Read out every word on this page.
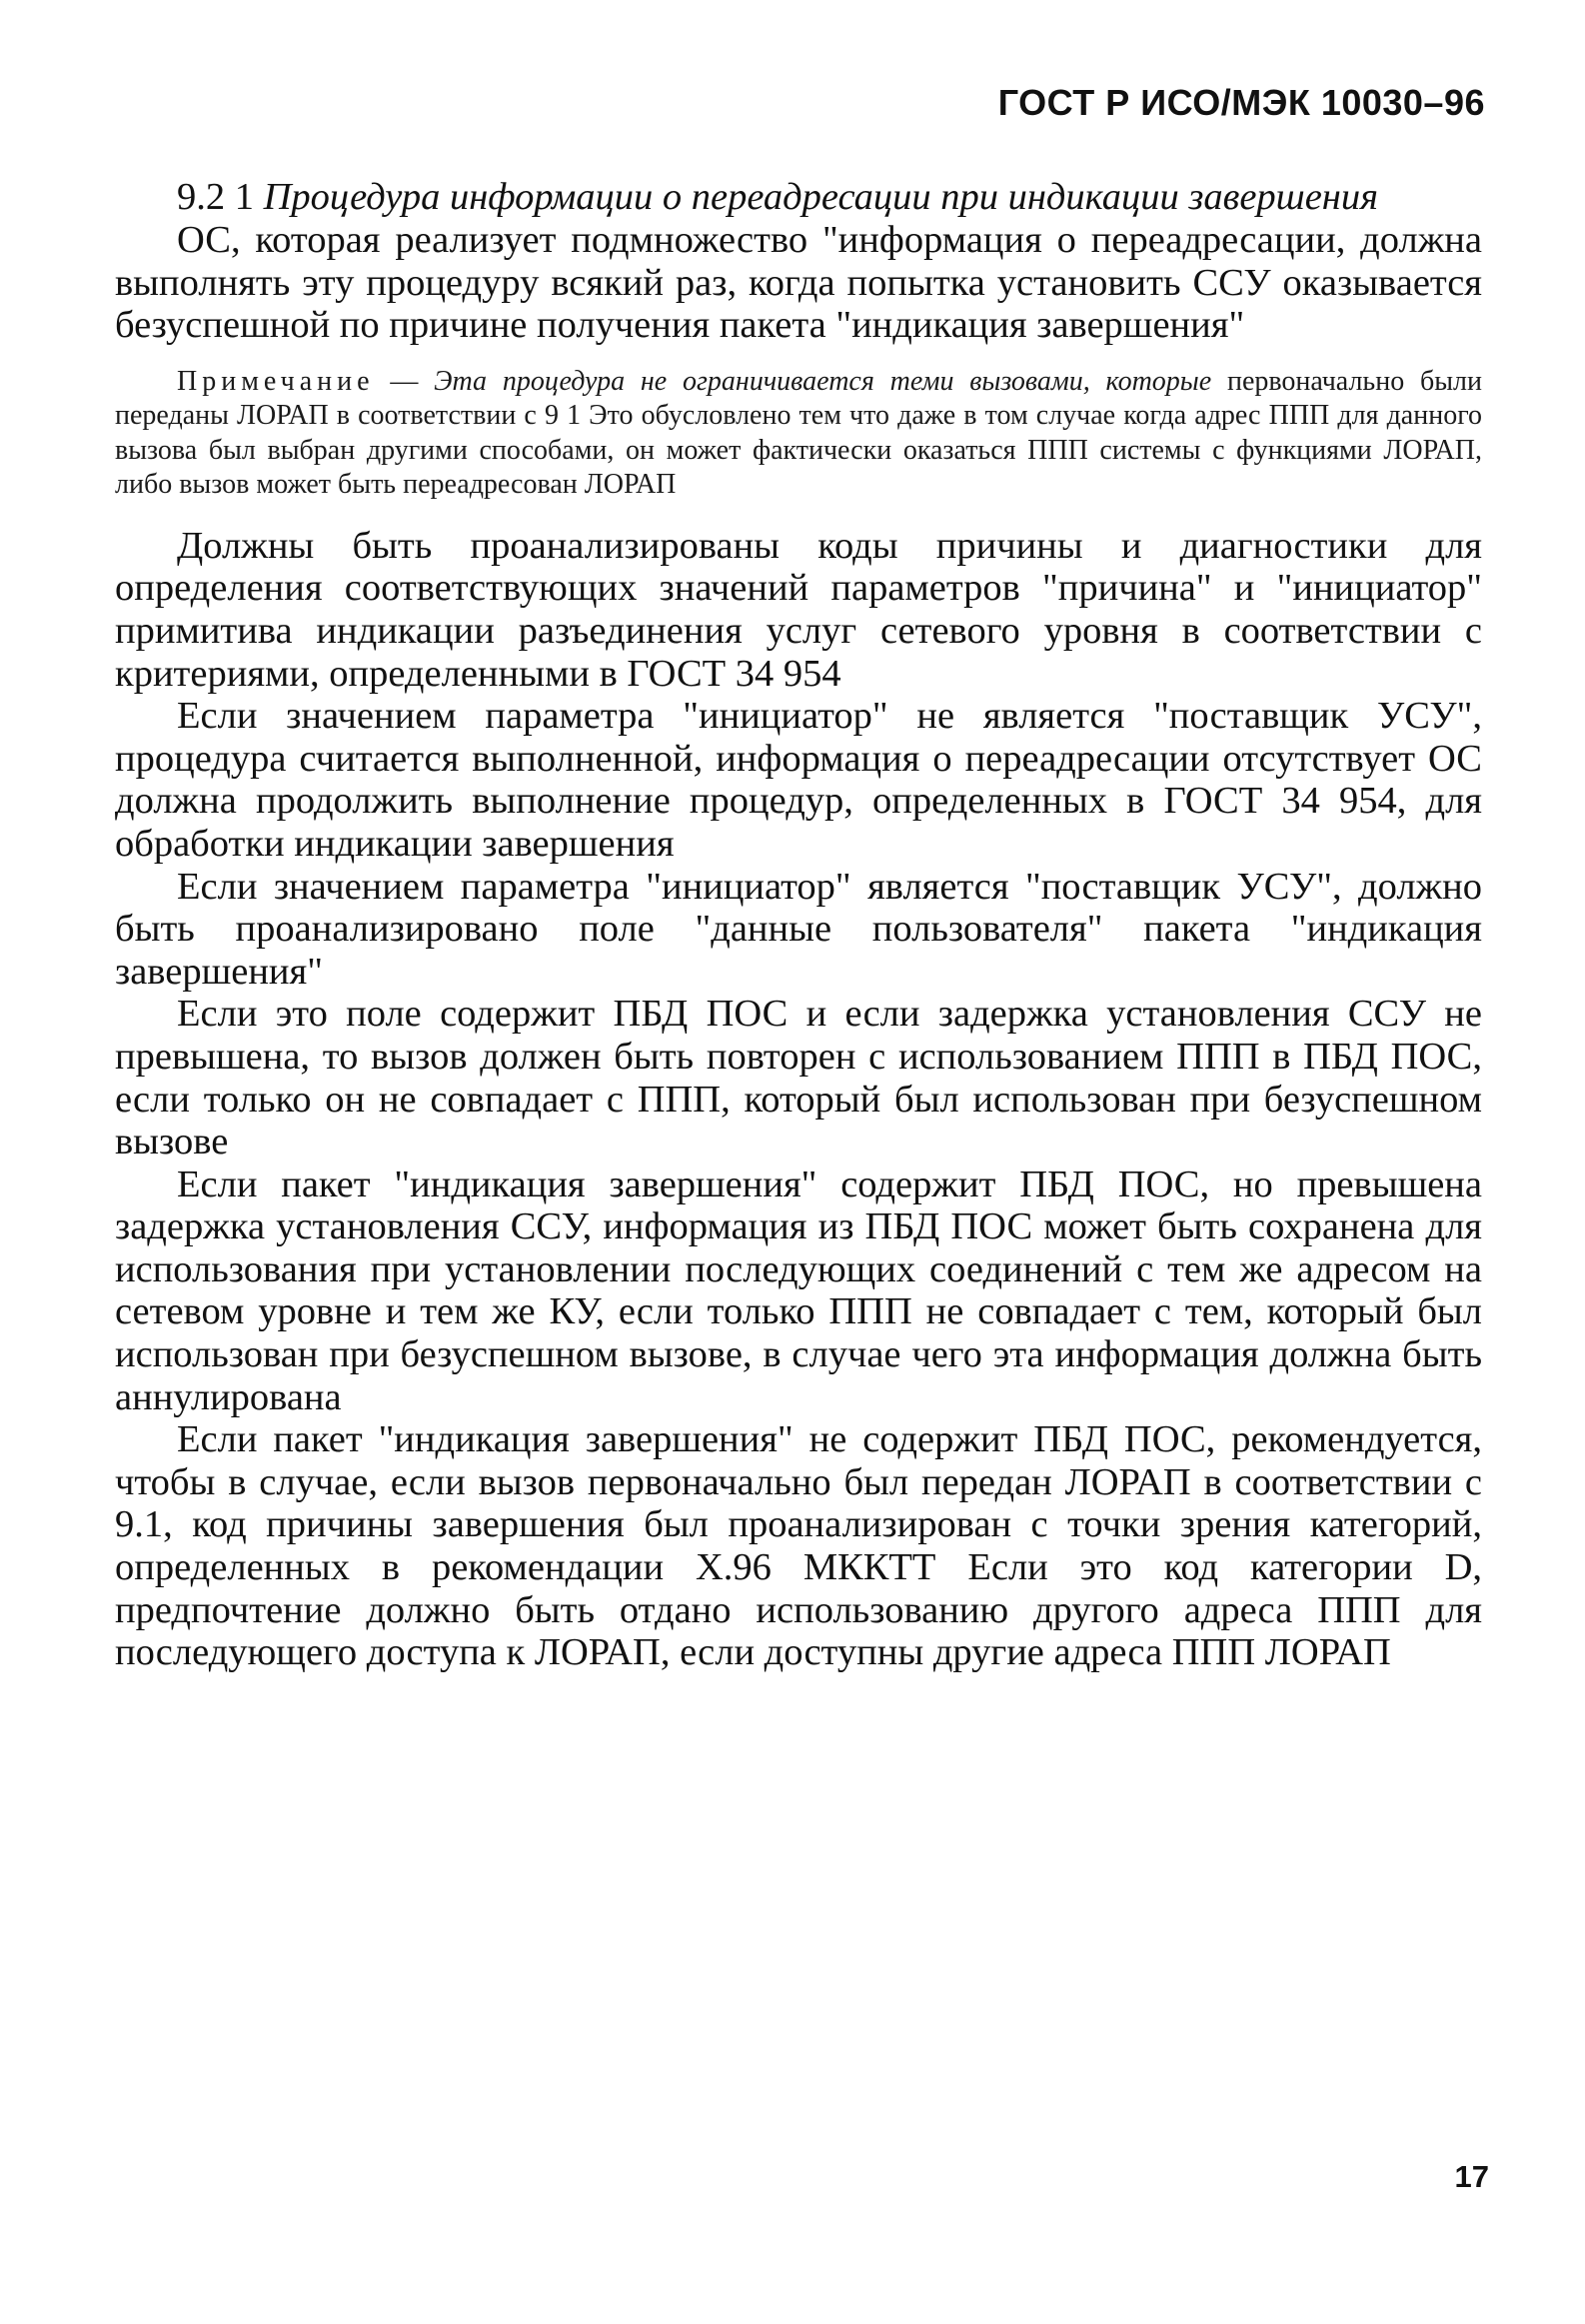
ГОСТ Р ИСО/МЭК 10030–96

9.2 1 Процедура информации о переадресации при индикации завершения

ОС, которая реализует подмножество "информация о переадресации, должна выполнять эту процедуру всякий раз, когда попытка установить ССУ оказывается безуспешной по причине получения пакета "индикация завершения"

Примечание — Эта процедура не ограничивается теми вызовами, которые первоначально были переданы ЛОРАП в соответствии с 9 1 Это обусловлено тем что даже в том случае когда адрес ППП для данного вызова был выбран другими способами, он может фактически оказаться ППП системы с функциями ЛОРАП, либо вызов может быть переадресован ЛОРАП

Должны быть проанализированы коды причины и диагностики для определения соответствующих значений параметров "причина" и "инициатор" примитива индикации разъединения услуг сетевого уровня в соответствии с критериями, определенными в ГОСТ 34 954

Если значением параметра "инициатор" не является "поставщик УСУ", процедура считается выполненной, информация о переадресации отсутствует ОС должна продолжить выполнение процедур, определенных в ГОСТ 34 954, для обработки индикации завершения

Если значением параметра "инициатор" является "поставщик УСУ", должно быть проанализировано поле "данные пользователя" пакета "индикация завершения"

Если это поле содержит ПБД ПОС и если задержка установления ССУ не превышена, то вызов должен быть повторен с использованием ППП в ПБД ПОС, если только он не совпадает с ППП, который был использован при безуспешном вызове

Если пакет "индикация завершения" содержит ПБД ПОС, но превышена задержка установления ССУ, информация из ПБД ПОС может быть сохранена для использования при установлении последующих соединений с тем же адресом на сетевом уровне и тем же КУ, если только ППП не совпадает с тем, который был использован при безуспешном вызове, в случае чего эта информация должна быть аннулирована

Если пакет "индикация завершения" не содержит ПБД ПОС, рекомендуется, чтобы в случае, если вызов первоначально был передан ЛОРАП в соответствии с 9.1, код причины завершения был проанализирован с точки зрения категорий, определенных в рекомендации X.96 МККТТ Если это код категории D, предпочтение должно быть отдано использованию другого адреса ППП для последующего доступа к ЛОРАП, если доступны другие адреса ППП ЛОРАП

17
